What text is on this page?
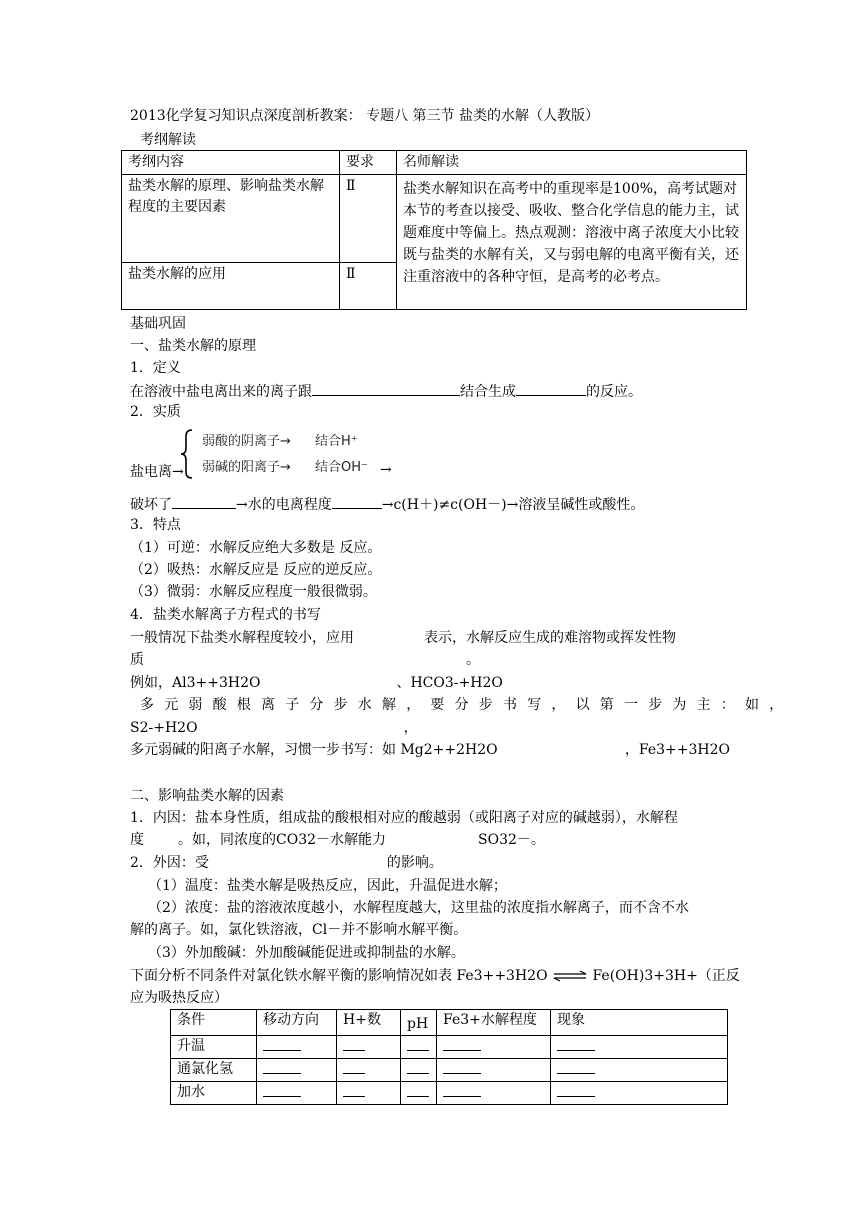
2013化学复习知识点深度剖析教案： 专题八 第三节 盐类的水解（人教版）
考纲解读
考纲内容	要求	名师解读
盐类水解的原理、影响盐类水解程度的主要因素	Ⅱ	盐类水解知识在高考中的重现率是100%，高考试题对本节的考查以接受、吸收、整合化学信息的能力主，试题难度中等偏上。热点观测：溶液中离子浓度大小比较既与盐类的水解有关，又与弱电解的电离平衡有关，还注重溶液中的各种守恒，是高考的必考点。
盐类水解的应用	Ⅱ	
基础巩固
一、盐类水解的原理
1．定义
在溶液中盐电离出来的离子跟	结合生成	的反应。
2．实质
弱酸的阴离子→ 结合H⁺
弱碱的阳离子→ 结合OH⁻ →
盐电离→
破坏了	→水的电离程度	→c(H＋)≠c(OH－)→溶液呈碱性或酸性。
3．特点
（1）可逆：水解反应绝大多数是 反应。
（2）吸热：水解反应是 反应的逆反应。
（3）微弱：水解反应程度一般很微弱。
4．盐类水解离子方程式的书写
一般情况下盐类水解程度较小，应用	表示，水解反应生成的难溶物或挥发性物
质	。
例如，Al3++3H2O	、HCO3-+H2O
多元弱酸根离子分步水解，要分步书写，以第一步为主：如，
S2-+H2O	，
多元弱碱的阳离子水解，习惯一步书写：如 Mg2++2H2O	，Fe3++3H2O
二、影响盐类水解的因素
1．内因：盐本身性质，组成盐的酸根相对应的酸越弱（或阳离子对应的碱越弱），水解程
度 。如，同浓度的CO32－水解能力	SO32－。
2．外因：受	的影响。
（1）温度：盐类水解是吸热反应，因此，升温促进水解；
（2）浓度：盐的溶液浓度越小，水解程度越大，这里盐的浓度指水解离子，而不含不水
解的离子。如，氯化铁溶液，Cl－并不影响水解平衡。
（3）外加酸碱：外加酸碱能促进或抑制盐的水解。
下面分析不同条件对氯化铁水解平衡的影响情况如表 Fe3++3H2O ⇌ Fe(OH)3+3H+（正反
应为吸热反应）
条件	移动方向	H+数	pH	Fe3+水解程度	现象
升温					
通氯化氢					
加水					
